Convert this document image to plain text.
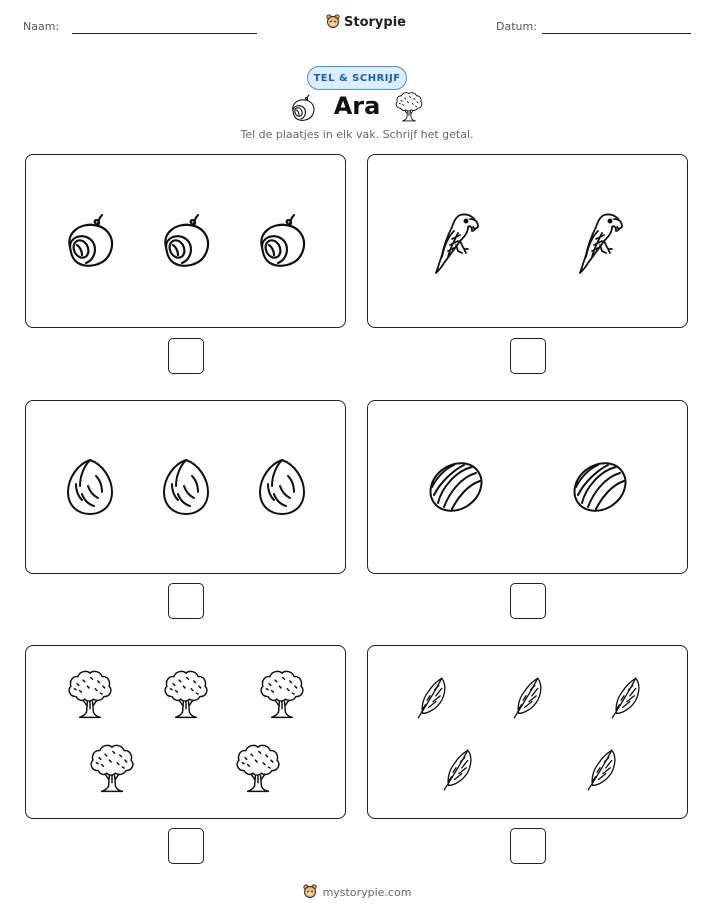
Naam:	Storypie	Datum:
TEL & SCHRIJF
Ara
Tel de plaatjes in elk vak. Schrijf het getal.
mystorypie.com
